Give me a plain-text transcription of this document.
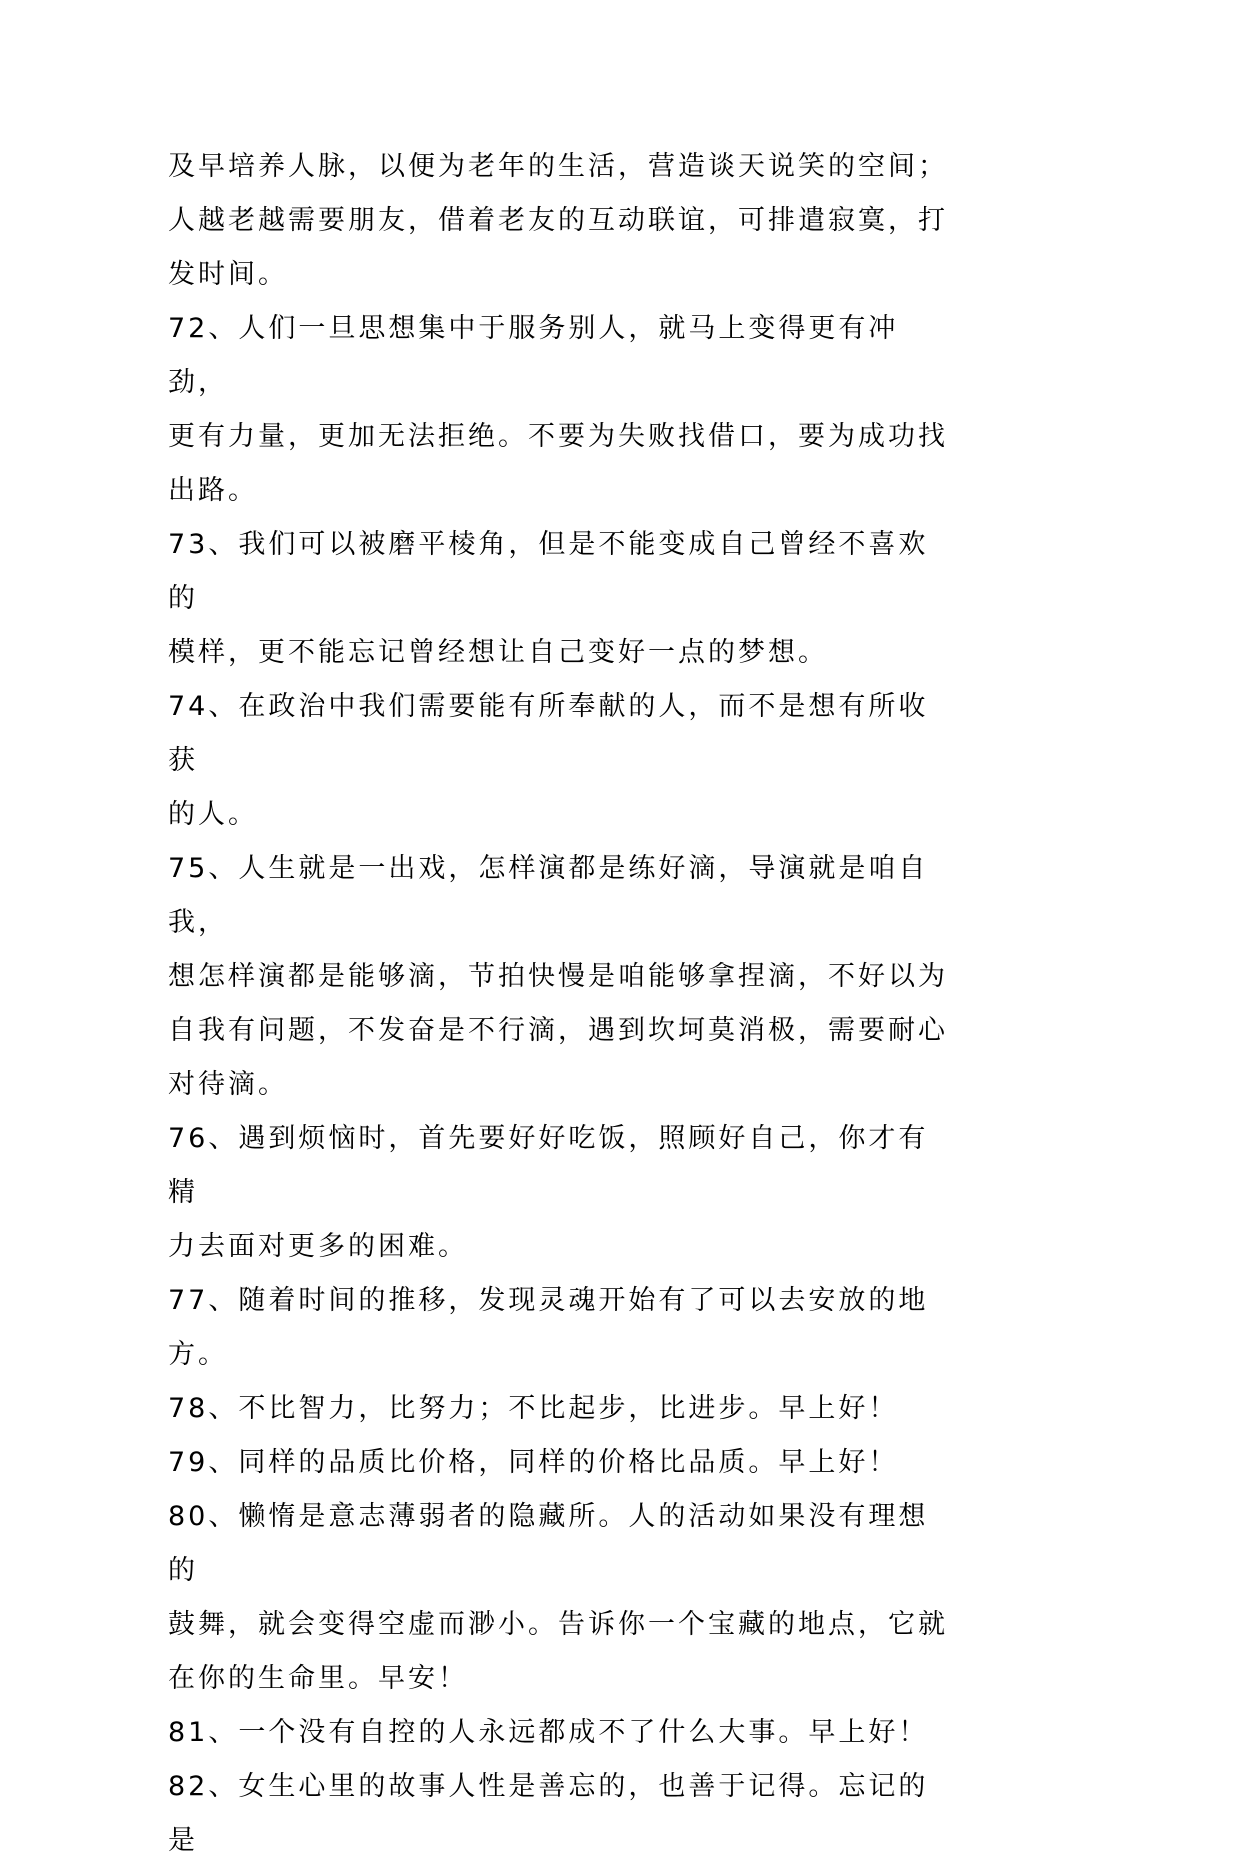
及早培养人脉，以便为老年的生活，营造谈天说笑的空间；
人越老越需要朋友，借着老友的互动联谊，可排遣寂寞，打
发时间。

72、人们一旦思想集中于服务别人，就马上变得更有冲劲，
更有力量，更加无法拒绝。不要为失败找借口，要为成功找
出路。

73、我们可以被磨平棱角，但是不能变成自己曾经不喜欢的
模样，更不能忘记曾经想让自己变好一点的梦想。

74、在政治中我们需要能有所奉献的人，而不是想有所收获
的人。

75、人生就是一出戏，怎样演都是练好滴，导演就是咱自我，
想怎样演都是能够滴，节拍快慢是咱能够拿捏滴，不好以为
自我有问题，不发奋是不行滴，遇到坎坷莫消极，需要耐心
对待滴。

76、遇到烦恼时，首先要好好吃饭，照顾好自己，你才有精
力去面对更多的困难。

77、随着时间的推移，发现灵魂开始有了可以去安放的地方。

78、不比智力，比努力；不比起步，比进步。早上好！

79、同样的品质比价格，同样的价格比品质。早上好！

80、懒惰是意志薄弱者的隐藏所。人的活动如果没有理想的
鼓舞，就会变得空虚而渺小。告诉你一个宝藏的地点，它就
在你的生命里。早安！

81、一个没有自控的人永远都成不了什么大事。早上好！

82、女生心里的故事人性是善忘的，也善于记得。忘记的是
